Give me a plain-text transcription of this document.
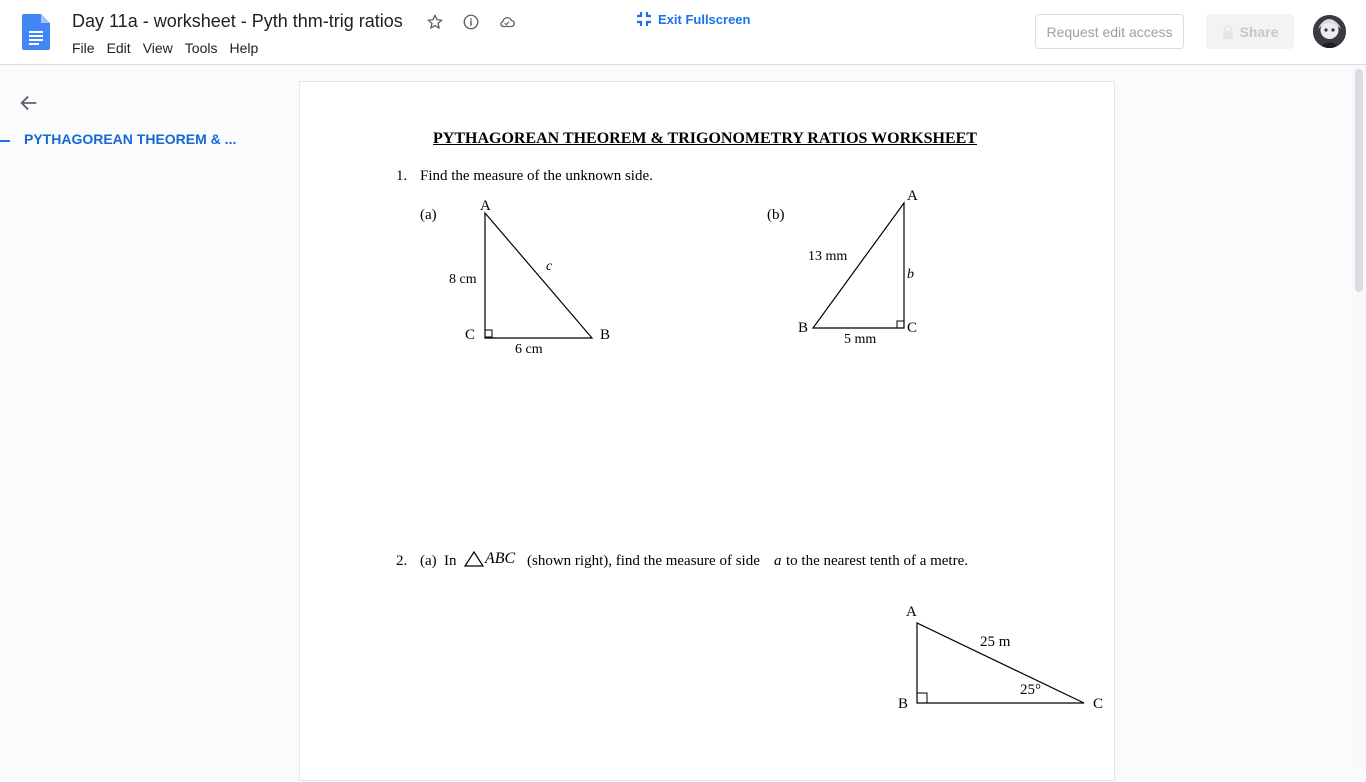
Day 11a - worksheet - Pyth thm-trig ratios
File Edit View Tools Help
Exit Fullscreen
Request edit access	Share
PYTHAGOREAN THEOREM & ...	PYTHAGOREAN THEOREM & TRIGONOMETRY RATIOS WORKSHEET
1. Find the measure of the unknown side.
(a)
A
C	B
8 cm
6 cm
c
(b)
A
B	C
13 mm
5 mm
b
2. (a) In ABC (shown right), find the measure of side a to the nearest tenth of a metre.
A
B	C
25 m
25°
